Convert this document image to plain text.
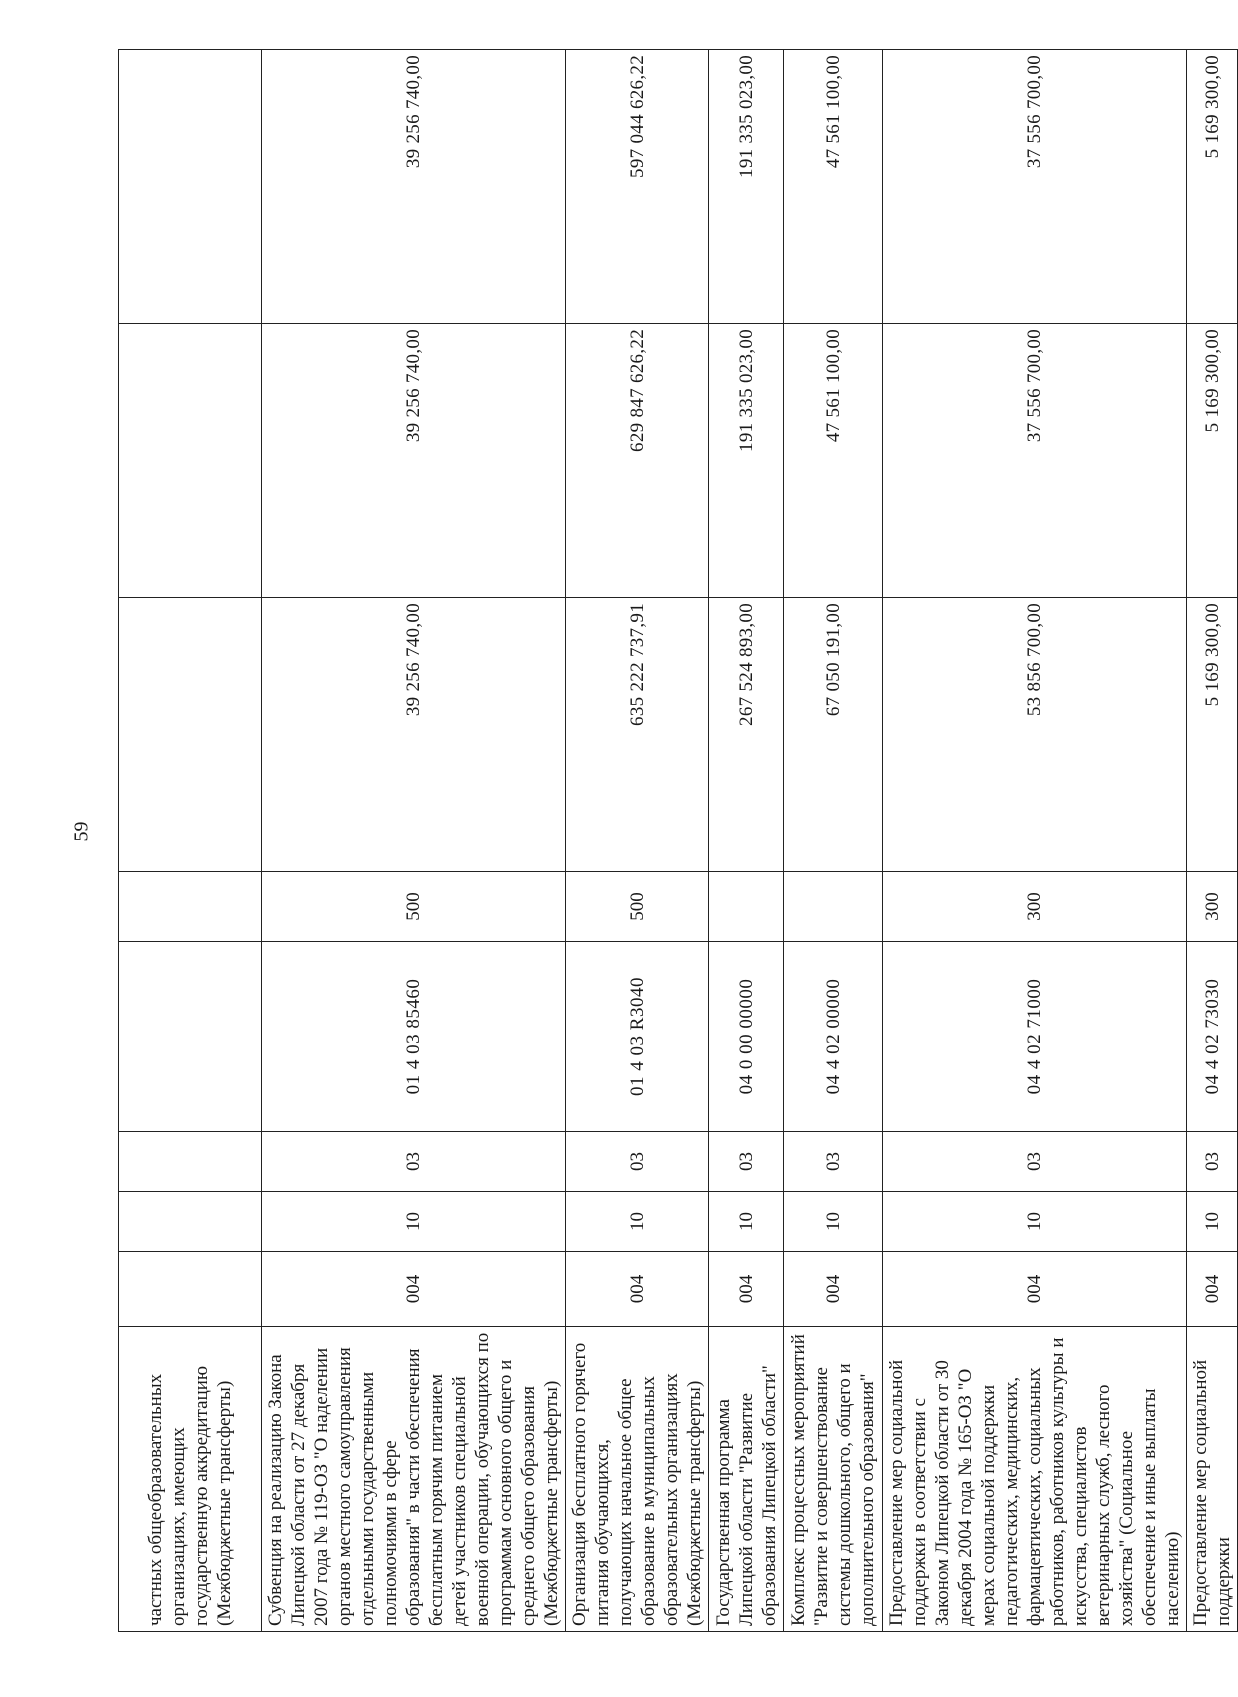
59
частных общеобразовательных организациях, имеющих государственную аккредитацию (Межбюджетные трансферты)								
Субвенция на реализацию Закона Липецкой области от 27 декабря 2007 года № 119-ОЗ "О наделении органов местного самоуправления отдельными государственными полномочиями в сфере образования" в части обеспечения бесплатным горячим питанием детей участников специальной военной операции, обучающихся по программам основного общего и среднего общего образования (Межбюджетные трансферты)	004	10	03	01 4 03 85460	500	39 256 740,00	39 256 740,00	39 256 740,00
Организация бесплатного горячего питания обучающихся, получающих начальное общее образование в муниципальных образовательных организациях (Межбюджетные трансферты)	004	10	03	01 4 03 R3040	500	635 222 737,91	629 847 626,22	597 044 626,22
Государственная программа Липецкой области "Развитие образования Липецкой области"	004	10	03	04 0 00 00000		267 524 893,00	191 335 023,00	191 335 023,00
Комплекс процессных мероприятий "Развитие и совершенствование системы дошкольного, общего и дополнительного образования"	004	10	03	04 4 02 00000		67 050 191,00	47 561 100,00	47 561 100,00
Предоставление мер социальной поддержки в соответствии с Законом Липецкой области от 30 декабря 2004 года № 165-ОЗ "О мерах социальной поддержки педагогических, медицинских, фармацевтических, социальных работников, работников культуры и искусства, специалистов ветеринарных служб, лесного хозяйства" (Социальное обеспечение и иные выплаты населению)	004	10	03	04 4 02 71000	300	53 856 700,00	37 556 700,00	37 556 700,00
Предоставление мер социальной поддержки	004	10	03	04 4 02 73030	300	5 169 300,00	5 169 300,00	5 169 300,00
